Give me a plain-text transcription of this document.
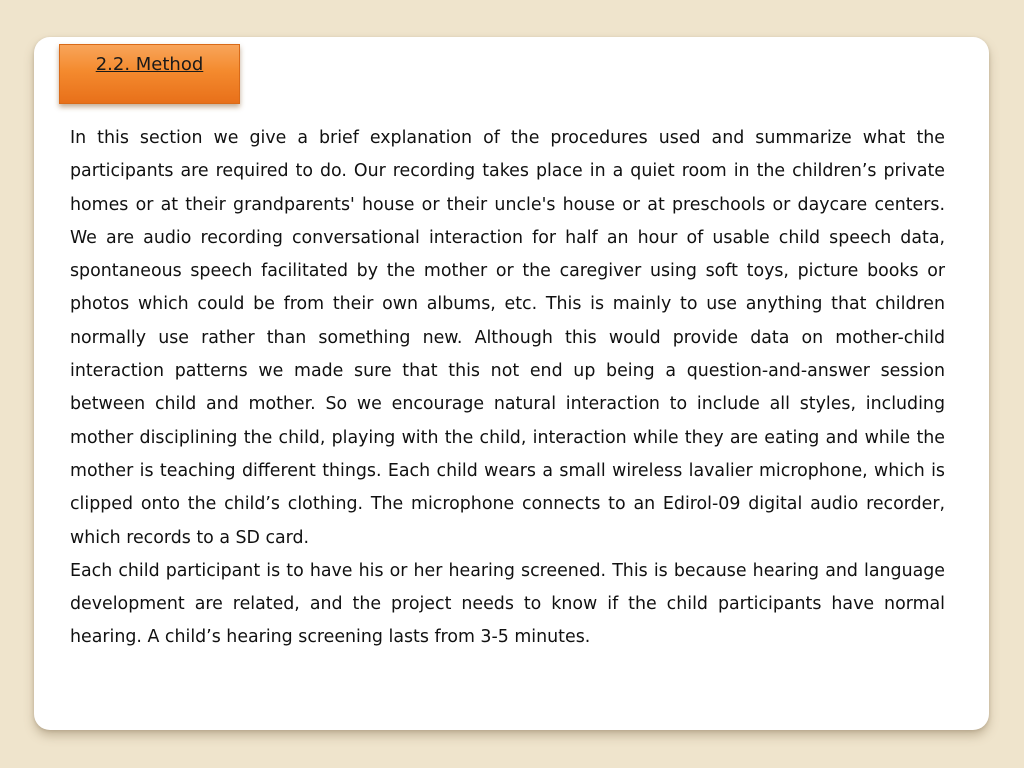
2.2. Method

In this section we give a brief explanation of the procedures used and summarize what the participants are required to do. Our recording takes place in a quiet room in the children’s private homes or at their grandparents' house or their uncle's house or at preschools or daycare centers. We are audio recording conversational interaction for half an hour of usable child speech data, spontaneous speech facilitated by the mother or the caregiver using soft toys, picture books or photos which could be from their own albums, etc. This is mainly to use anything that children normally use rather than something new. Although this would provide data on mother-child interaction patterns we made sure that this not end up being a question-and-answer session between child and mother. So we encourage natural interaction to include all styles, including mother disciplining the child, playing with the child, interaction while they are eating and while the mother is teaching different things. Each child wears a small wireless lavalier microphone, which is clipped onto the child’s clothing. The microphone connects to an Edirol-09 digital audio recorder, which records to a SD card.

Each child participant is to have his or her hearing screened. This is because hearing and language development are related, and the project needs to know if the child participants have normal hearing. A child’s hearing screening lasts from 3-5 minutes.
